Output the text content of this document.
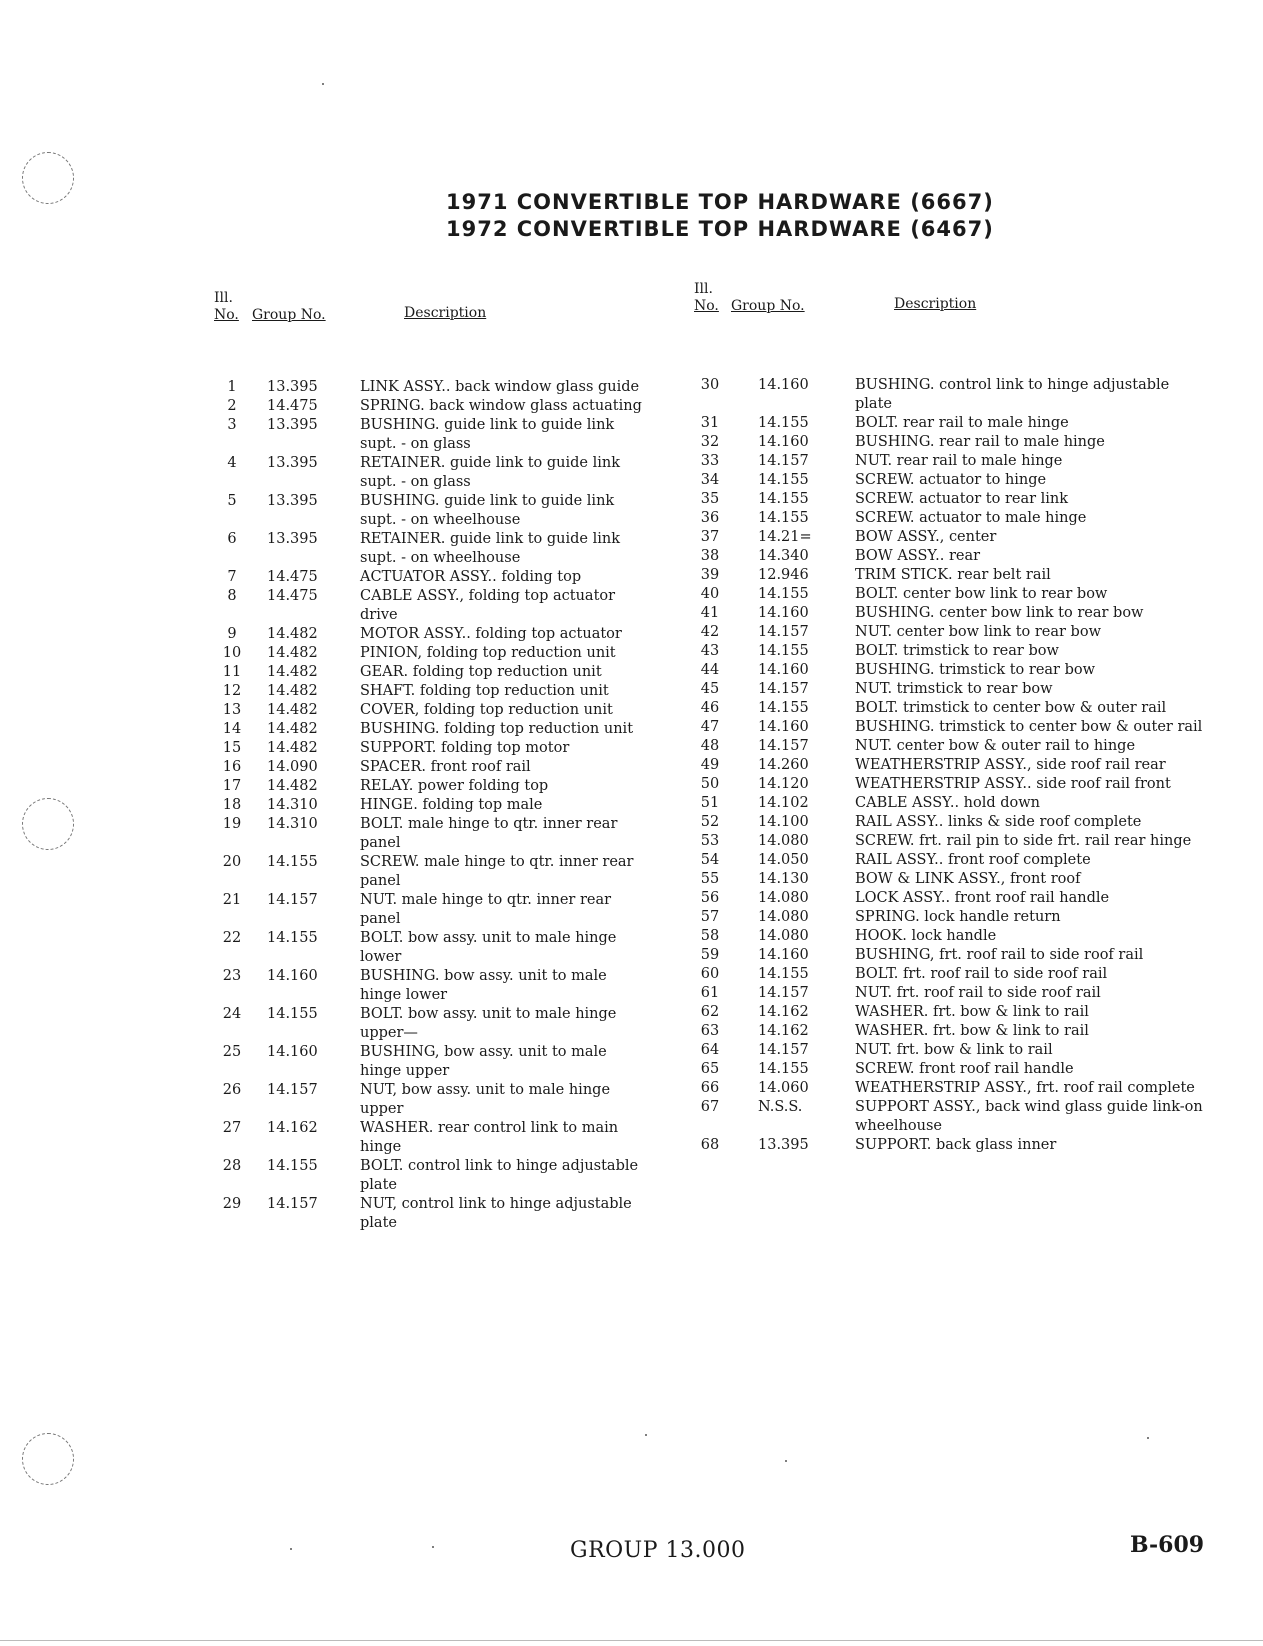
1971 CONVERTIBLE TOP HARDWARE (6667)
1972 CONVERTIBLE TOP HARDWARE (6467)
Ill.
No. Group No.	Description
Ill.
No. Group No.	Description
1	13.395	LINK ASSY.. back window glass guide
2	14.475	SPRING. back window glass actuating
3	13.395	BUSHING. guide link to guide link supt. - on glass
4	13.395	RETAINER. guide link to guide link supt. - on glass
5	13.395	BUSHING. guide link to guide link supt. - on wheelhouse
6	13.395	RETAINER. guide link to guide link supt. - on wheelhouse
7	14.475	ACTUATOR ASSY.. folding top
8	14.475	CABLE ASSY., folding top actuator drive
9	14.482	MOTOR ASSY.. folding top actuator
10	14.482	PINION, folding top reduction unit
11	14.482	GEAR. folding top reduction unit
12	14.482	SHAFT. folding top reduction unit
13	14.482	COVER, folding top reduction unit
14	14.482	BUSHING. folding top reduction unit
15	14.482	SUPPORT. folding top motor
16	14.090	SPACER. front roof rail
17	14.482	RELAY. power folding top
18	14.310	HINGE. folding top male
19	14.310	BOLT. male hinge to qtr. inner rear panel
20	14.155	SCREW. male hinge to qtr. inner rear panel
21	14.157	NUT. male hinge to qtr. inner rear panel
22	14.155	BOLT. bow assy. unit to male hinge lower
23	14.160	BUSHING. bow assy. unit to male hinge lower
24	14.155	BOLT. bow assy. unit to male hinge upper—
25	14.160	BUSHING, bow assy. unit to male hinge upper
26	14.157	NUT, bow assy. unit to male hinge upper
27	14.162	WASHER. rear control link to main hinge
28	14.155	BOLT. control link to hinge adjustable plate
29	14.157	NUT, control link to hinge adjustable plate
30	14.160	BUSHING. control link to hinge adjustable plate
31	14.155	BOLT. rear rail to male hinge
32	14.160	BUSHING. rear rail to male hinge
33	14.157	NUT. rear rail to male hinge
34	14.155	SCREW. actuator to hinge
35	14.155	SCREW. actuator to rear link
36	14.155	SCREW. actuator to male hinge
37	14.21=	BOW ASSY., center
38	14.340	BOW ASSY.. rear
39	12.946	TRIM STICK. rear belt rail
40	14.155	BOLT. center bow link to rear bow
41	14.160	BUSHING. center bow link to rear bow
42	14.157	NUT. center bow link to rear bow
43	14.155	BOLT. trimstick to rear bow
44	14.160	BUSHING. trimstick to rear bow
45	14.157	NUT. trimstick to rear bow
46	14.155	BOLT. trimstick to center bow & outer rail
47	14.160	BUSHING. trimstick to center bow & outer rail
48	14.157	NUT. center bow & outer rail to hinge
49	14.260	WEATHERSTRIP ASSY., side roof rail rear
50	14.120	WEATHERSTRIP ASSY.. side roof rail front
51	14.102	CABLE ASSY.. hold down
52	14.100	RAIL ASSY.. links & side roof complete
53	14.080	SCREW. frt. rail pin to side frt. rail rear hinge
54	14.050	RAIL ASSY.. front roof complete
55	14.130	BOW & LINK ASSY., front roof
56	14.080	LOCK ASSY.. front roof rail handle
57	14.080	SPRING. lock handle return
58	14.080	HOOK. lock handle
59	14.160	BUSHING, frt. roof rail to side roof rail
60	14.155	BOLT. frt. roof rail to side roof rail
61	14.157	NUT. frt. roof rail to side roof rail
62	14.162	WASHER. frt. bow & link to rail
63	14.162	WASHER. frt. bow & link to rail
64	14.157	NUT. frt. bow & link to rail
65	14.155	SCREW. front roof rail handle
66	14.060	WEATHERSTRIP ASSY., frt. roof rail complete
67	N.S.S.	SUPPORT ASSY., back wind glass guide link-on wheelhouse
68	13.395	SUPPORT. back glass inner
GROUP 13.000	B-609
